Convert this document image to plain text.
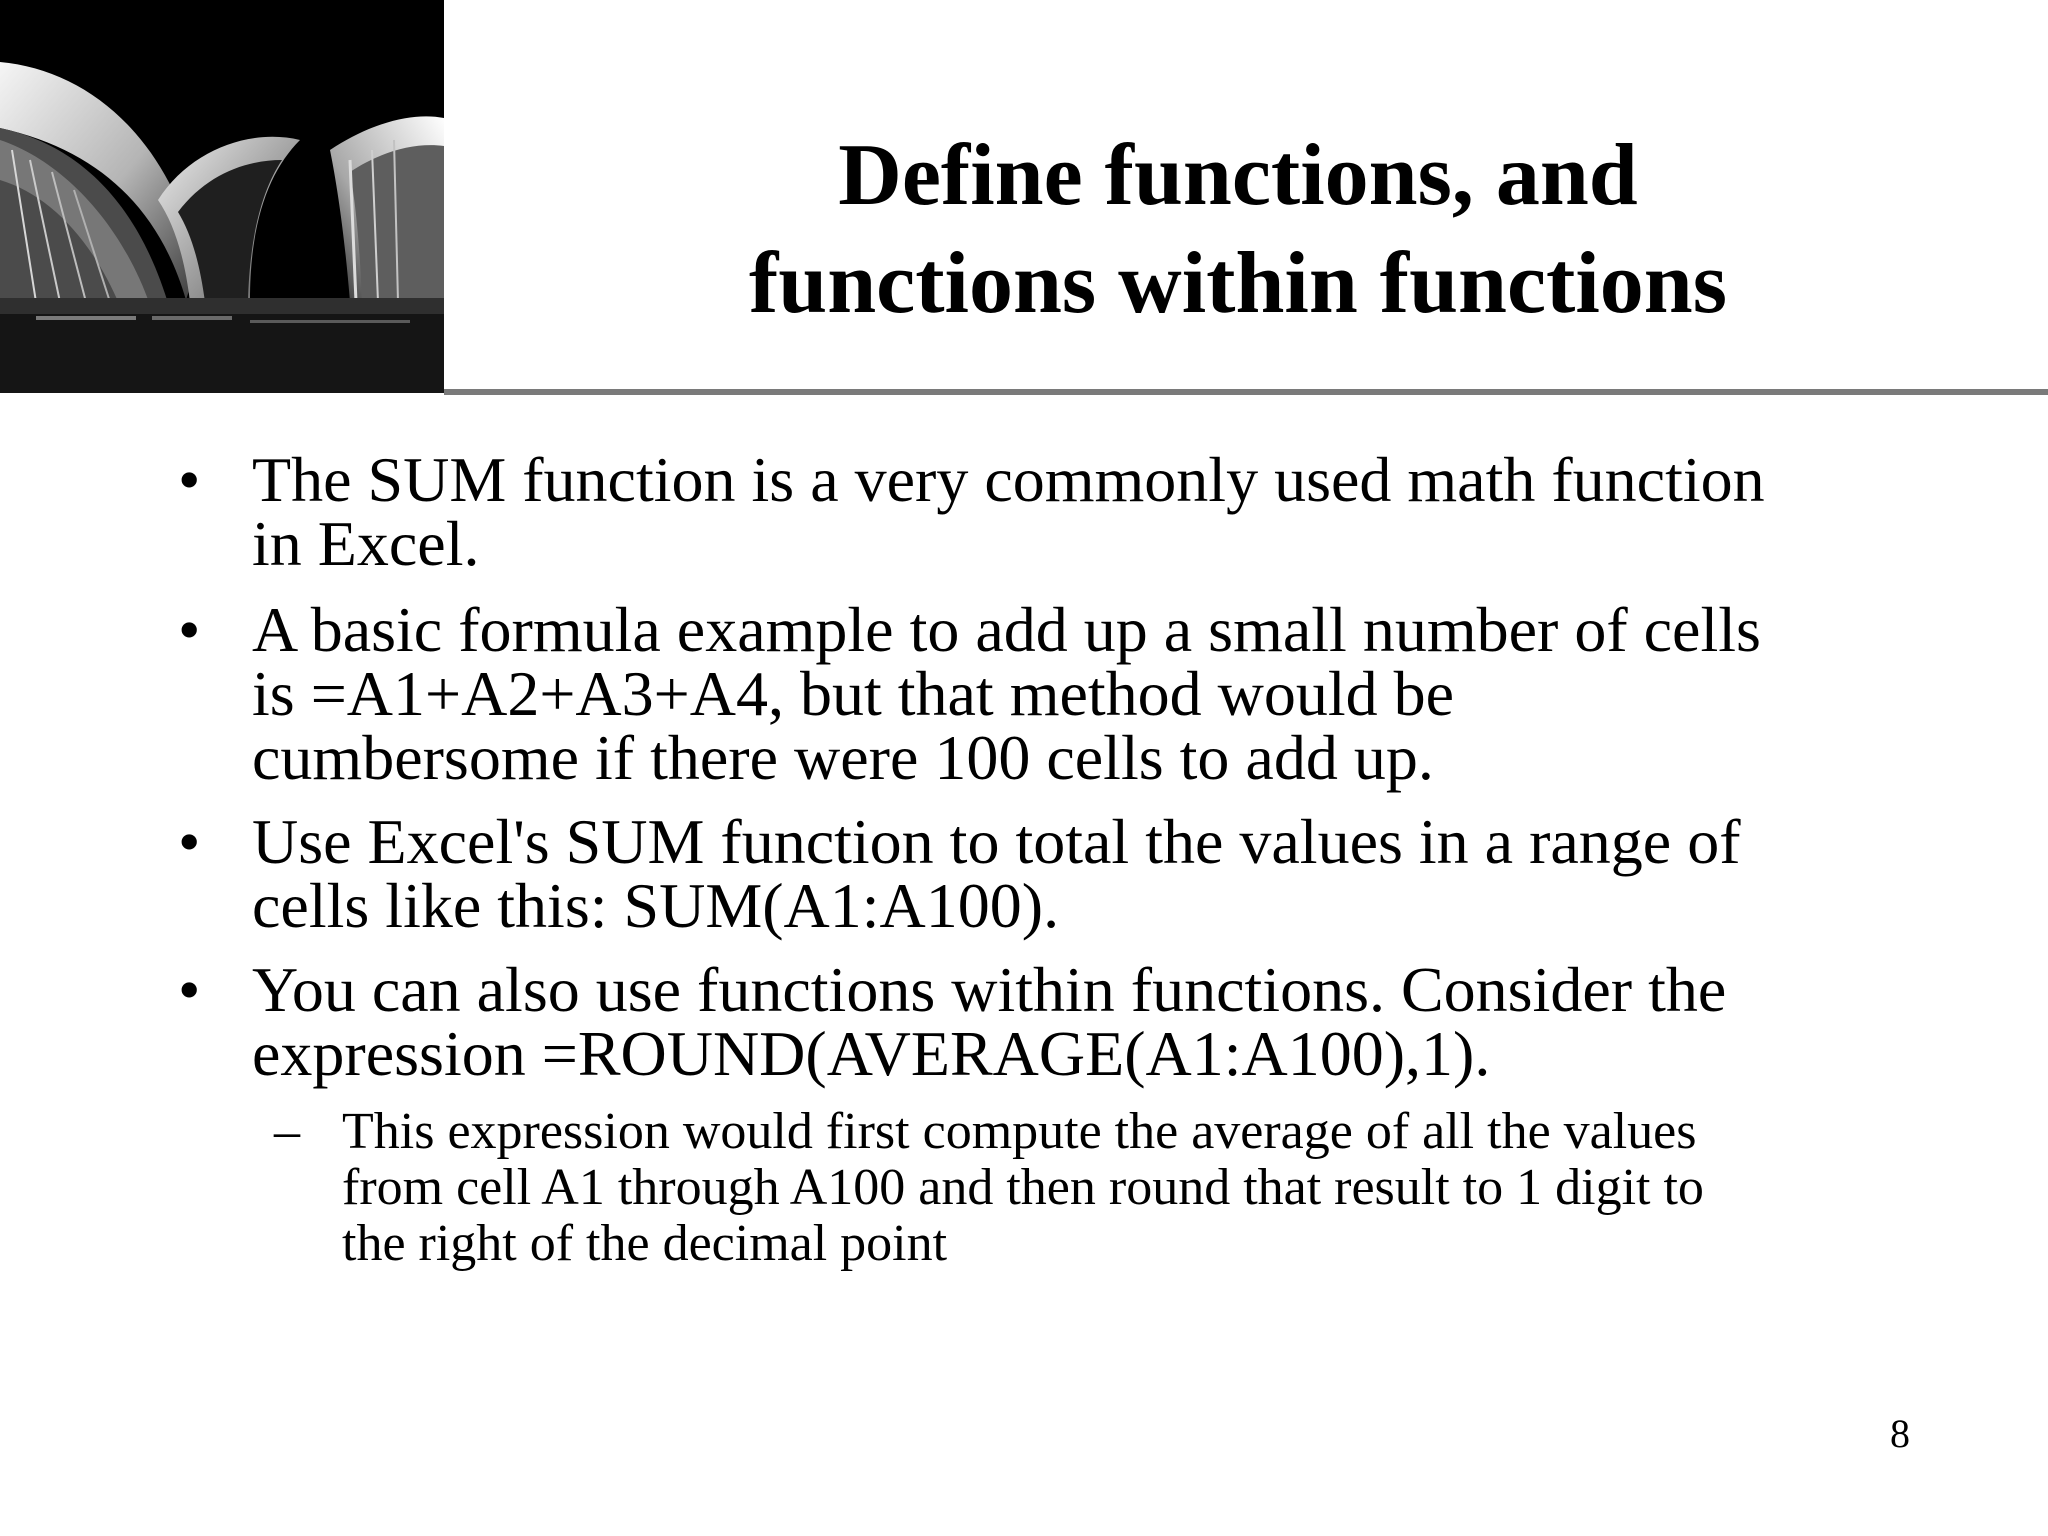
Define functions, and
functions within functions
• The SUM function is a very commonly used math function
in Excel.
• A basic formula example to add up a small number of cells
is =A1+A2+A3+A4, but that method would be
cumbersome if there were 100 cells to add up.
• Use Excel's SUM function to total the values in a range of
cells like this: SUM(A1:A100).
• You can also use functions within functions. Consider the
expression =ROUND(AVERAGE(A1:A100),1).
– This expression would first compute the average of all the values
from cell A1 through A100 and then round that result to 1 digit to
the right of the decimal point
8
